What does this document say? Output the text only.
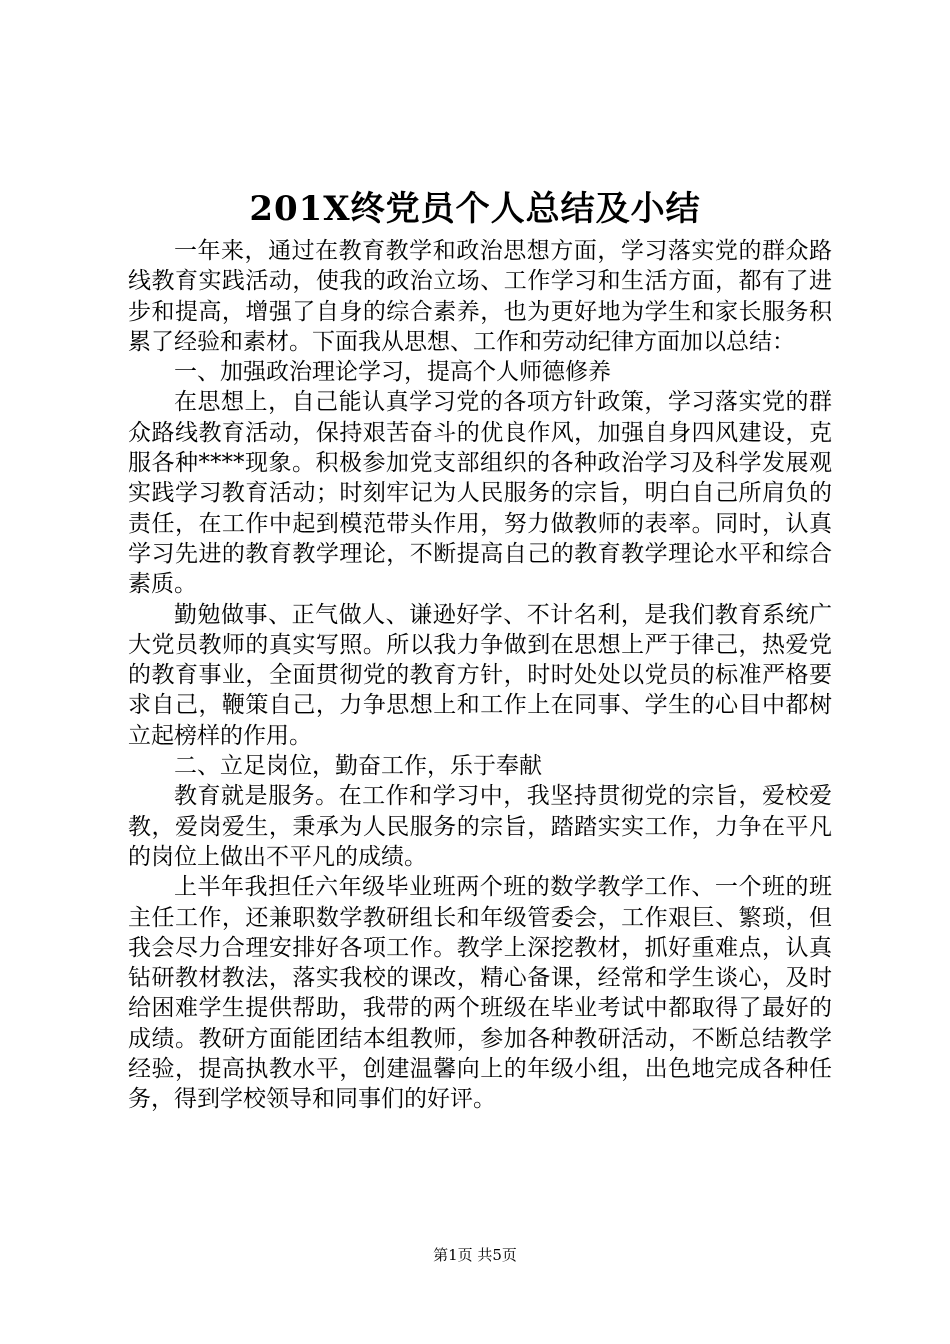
201X终党员个人总结及小结

一年来，通过在教育教学和政治思想方面，学习落实党的群众路线教育实践活动，使我的政治立场、工作学习和生活方面，都有了进步和提高，增强了自身的综合素养，也为更好地为学生和家长服务积累了经验和素材。下面我从思想、工作和劳动纪律方面加以总结：

一、加强政治理论学习，提高个人师德修养

在思想上，自己能认真学习党的各项方针政策，学习落实党的群众路线教育活动，保持艰苦奋斗的优良作风，加强自身四风建设，克服各种****现象。积极参加党支部组织的各种政治学习及科学发展观实践学习教育活动；时刻牢记为人民服务的宗旨，明白自己所肩负的责任，在工作中起到模范带头作用，努力做教师的表率。同时，认真学习先进的教育教学理论，不断提高自己的教育教学理论水平和综合素质。

勤勉做事、正气做人、谦逊好学、不计名利，是我们教育系统广大党员教师的真实写照。所以我力争做到在思想上严于律己，热爱党的教育事业，全面贯彻党的教育方针，时时处处以党员的标准严格要求自己，鞭策自己，力争思想上和工作上在同事、学生的心目中都树立起榜样的作用。

二、立足岗位，勤奋工作，乐于奉献

教育就是服务。在工作和学习中，我坚持贯彻党的宗旨，爱校爱教，爱岗爱生，秉承为人民服务的宗旨，踏踏实实工作，力争在平凡的岗位上做出不平凡的成绩。

上半年我担任六年级毕业班两个班的数学教学工作、一个班的班主任工作，还兼职数学教研组长和年级管委会，工作艰巨、繁琐，但我会尽力合理安排好各项工作。教学上深挖教材，抓好重难点，认真钻研教材教法，落实我校的课改，精心备课，经常和学生谈心，及时给困难学生提供帮助，我带的两个班级在毕业考试中都取得了最好的成绩。教研方面能团结本组教师，参加各种教研活动，不断总结教学经验，提高执教水平，创建温馨向上的年级小组，出色地完成各种任务，得到学校领导和同事们的好评。

第1页 共5页
